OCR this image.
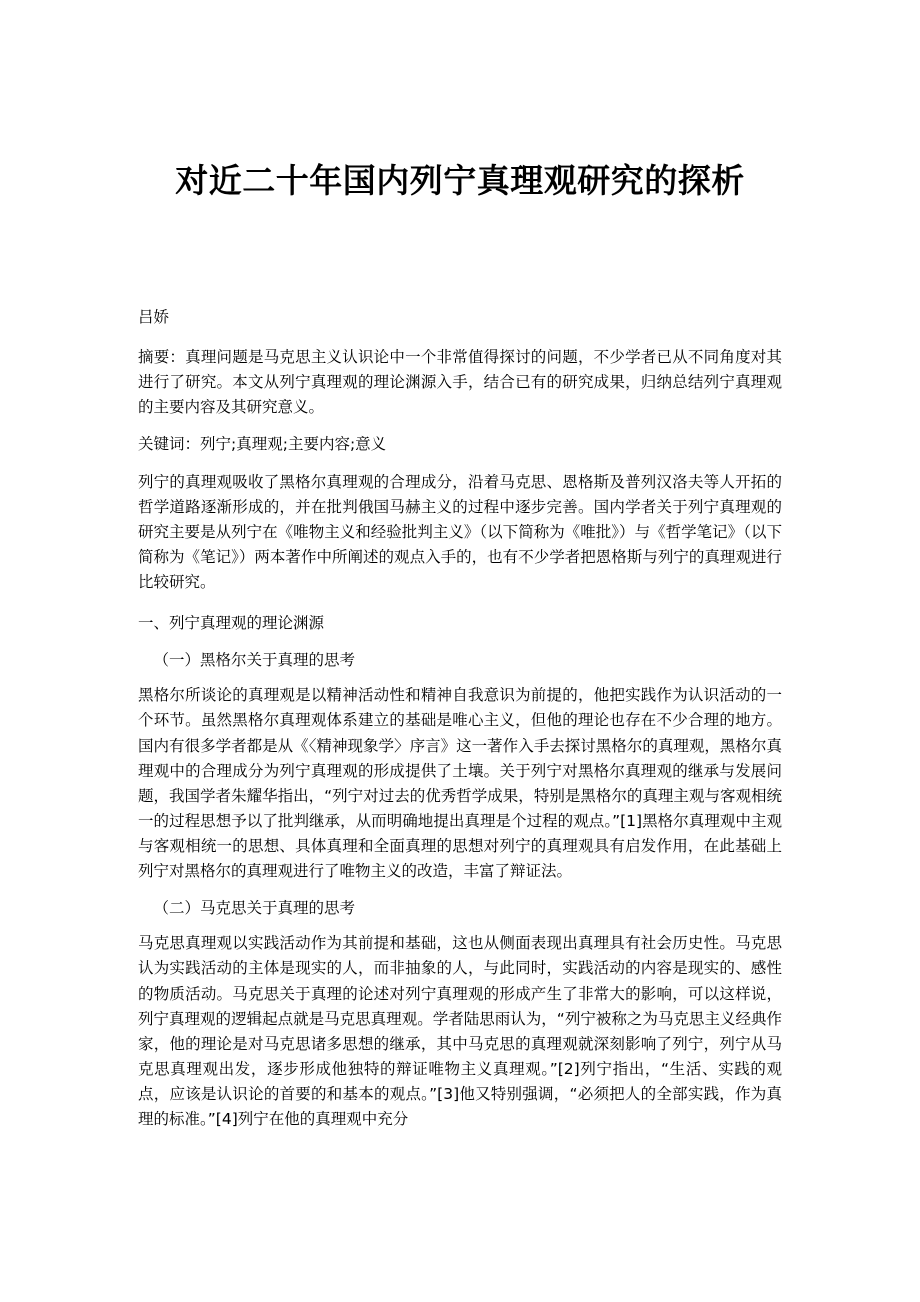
对近二十年国内列宁真理观研究的探析
吕娇
摘要：真理问题是马克思主义认识论中一个非常值得探讨的问题，不少学者已从不同角度对其进行了研究。本文从列宁真理观的理论渊源入手，结合已有的研究成果，归纳总结列宁真理观的主要内容及其研究意义。
关键词：列宁;真理观;主要内容;意义
列宁的真理观吸收了黑格尔真理观的合理成分，沿着马克思、恩格斯及普列汉洛夫等人开拓的哲学道路逐渐形成的，并在批判俄国马赫主义的过程中逐步完善。国内学者关于列宁真理观的研究主要是从列宁在《唯物主义和经验批判主义》（以下简称为《唯批》）与《哲学笔记》（以下简称为《笔记》）两本著作中所阐述的观点入手的，也有不少学者把恩格斯与列宁的真理观进行比较研究。
一、列宁真理观的理论渊源
（一）黑格尔关于真理的思考
黑格尔所谈论的真理观是以精神活动性和精神自我意识为前提的，他把实践作为认识活动的一个环节。虽然黑格尔真理观体系建立的基础是唯心主义，但他的理论也存在不少合理的地方。国内有很多学者都是从《〈精神现象学〉序言》这一著作入手去探讨黑格尔的真理观，黑格尔真理观中的合理成分为列宁真理观的形成提供了土壤。关于列宁对黑格尔真理观的继承与发展问题，我国学者朱耀华指出，“列宁对过去的优秀哲学成果，特别是黑格尔的真理主观与客观相统一的过程思想予以了批判继承，从而明确地提出真理是个过程的观点。”[1]黑格尔真理观中主观与客观相统一的思想、具体真理和全面真理的思想对列宁的真理观具有启发作用，在此基础上列宁对黑格尔的真理观进行了唯物主义的改造，丰富了辩证法。
（二）马克思关于真理的思考
马克思真理观以实践活动作为其前提和基础，这也从侧面表现出真理具有社会历史性。马克思认为实践活动的主体是现实的人，而非抽象的人，与此同时，实践活动的内容是现实的、感性的物质活动。马克思关于真理的论述对列宁真理观的形成产生了非常大的影响，可以这样说，列宁真理观的逻辑起点就是马克思真理观。学者陆思雨认为，“列宁被称之为马克思主义经典作家，他的理论是对马克思诸多思想的继承，其中马克思的真理观就深刻影响了列宁，列宁从马克思真理观出发，逐步形成他独特的辩证唯物主义真理观。”[2]列宁指出，“生活、实践的观点，应该是认识论的首要的和基本的观点。”[3]他又特别强调，“必须把人的全部实践，作为真理的标准。”[4]列宁在他的真理观中充分
